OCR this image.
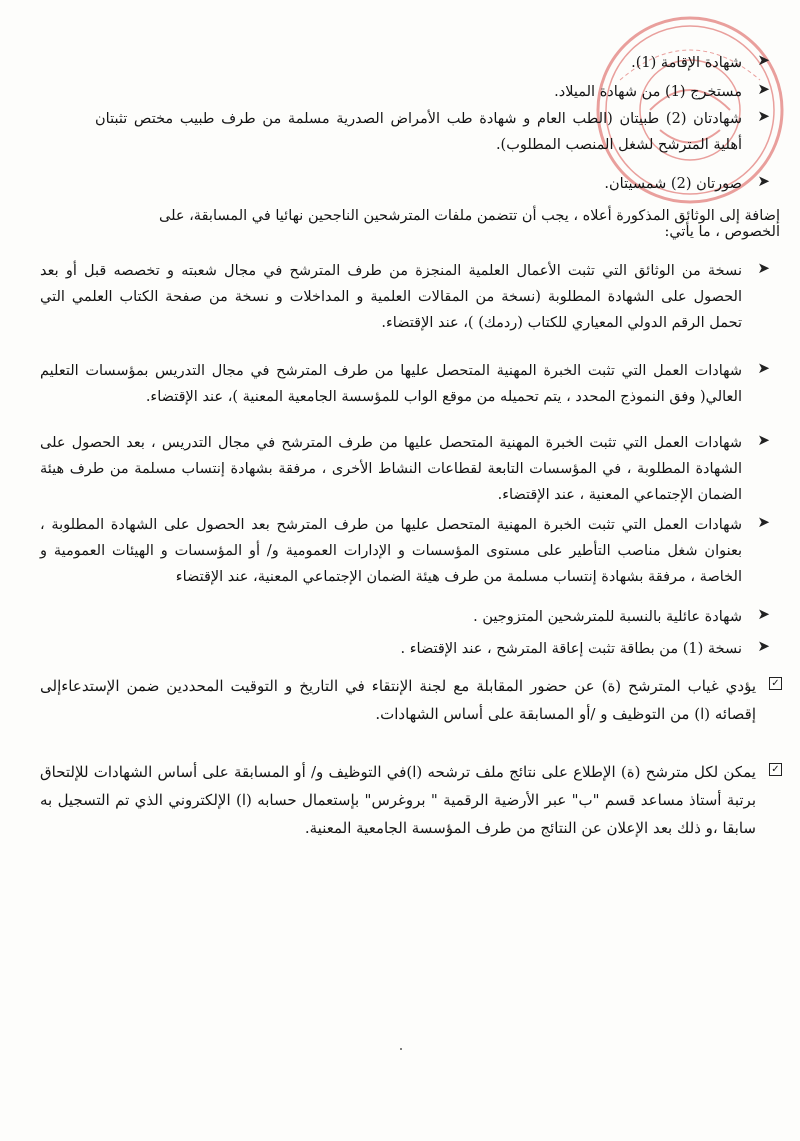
➤
شهادة الإقامة (1).
➤
مستخرج (1) من شهادة الميلاد.
➤
شهادتان (2) طبيتان (الطب العام و شهادة طب الأمراض الصدرية مسلمة من طرف طبيب مختص تثبتان أهلية المترشح لشغل المنصب المطلوب).
➤
صورتان (2) شمسيتان.
إضافة إلى الوثائق المذكورة أعلاه ، يجب أن تتضمن ملفات المترشحين الناجحين نهائيا في المسابقة، على الخصوص ، ما يأتي:
➤
نسخة من الوثائق التي تثبت الأعمال العلمية المنجزة من طرف المترشح في مجال شعبته و تخصصه قبل أو بعد الحصول على الشهادة المطلوبة (نسخة من المقالات العلمية و المداخلات و نسخة من صفحة الكتاب العلمي التي تحمل الرقم الدولي المعياري للكتاب (ردمك) )، عند الإقتضاء.
➤
شهادات العمل التي تثبت الخبرة المهنية المتحصل عليها من طرف المترشح في مجال التدريس بمؤسسات التعليم العالي( وفق النموذج المحدد ، يتم تحميله من موقع الواب للمؤسسة الجامعية المعنية )، عند الإقتضاء.
➤
شهادات العمل التي تثبت الخبرة المهنية المتحصل عليها من طرف المترشح في مجال التدريس ، بعد الحصول على الشهادة المطلوبة ، في المؤسسات التابعة لقطاعات النشاط الأخرى ، مرفقة بشهادة إنتساب مسلمة من طرف هيئة الضمان الإجتماعي المعنية ، عند الإقتضاء.
➤
شهادات العمل التي تثبت الخبرة المهنية المتحصل عليها من طرف المترشح بعد الحصول على الشهادة المطلوبة ، بعنوان شغل مناصب التأطير على مستوى المؤسسات و الإدارات العمومية و/ أو المؤسسات و الهيئات العمومية و الخاصة ، مرفقة بشهادة إنتساب مسلمة من طرف هيئة الضمان الإجتماعي المعنية، عند الإقتضاء
➤
شهادة عائلية بالنسبة للمترشحين المتزوجين .
➤
نسخة (1) من بطاقة تثبت إعاقة المترشح ، عند الإقتضاء .
✓
يؤدي غياب المترشح (ة) عن حضور المقابلة مع لجنة الإنتقاء في التاريخ و التوقيت المحددين ضمن الإستدعاءإلى إقصائه (ا) من التوظيف و /أو المسابقة على أساس الشهادات.
✓
يمكن لكل مترشح (ة) الإطلاع على نتائج ملف ترشحه (ا)في التوظيف و/ أو المسابقة على أساس الشهادات للإلتحاق برتبة أستاذ مساعد قسم "ب" عبر الأرضية الرقمية " بروغرس" بإستعمال حسابه (ا) الإلكتروني الذي تم التسجيل به سابقا ،و ذلك بعد الإعلان عن النتائج من طرف المؤسسة الجامعية المعنية.
